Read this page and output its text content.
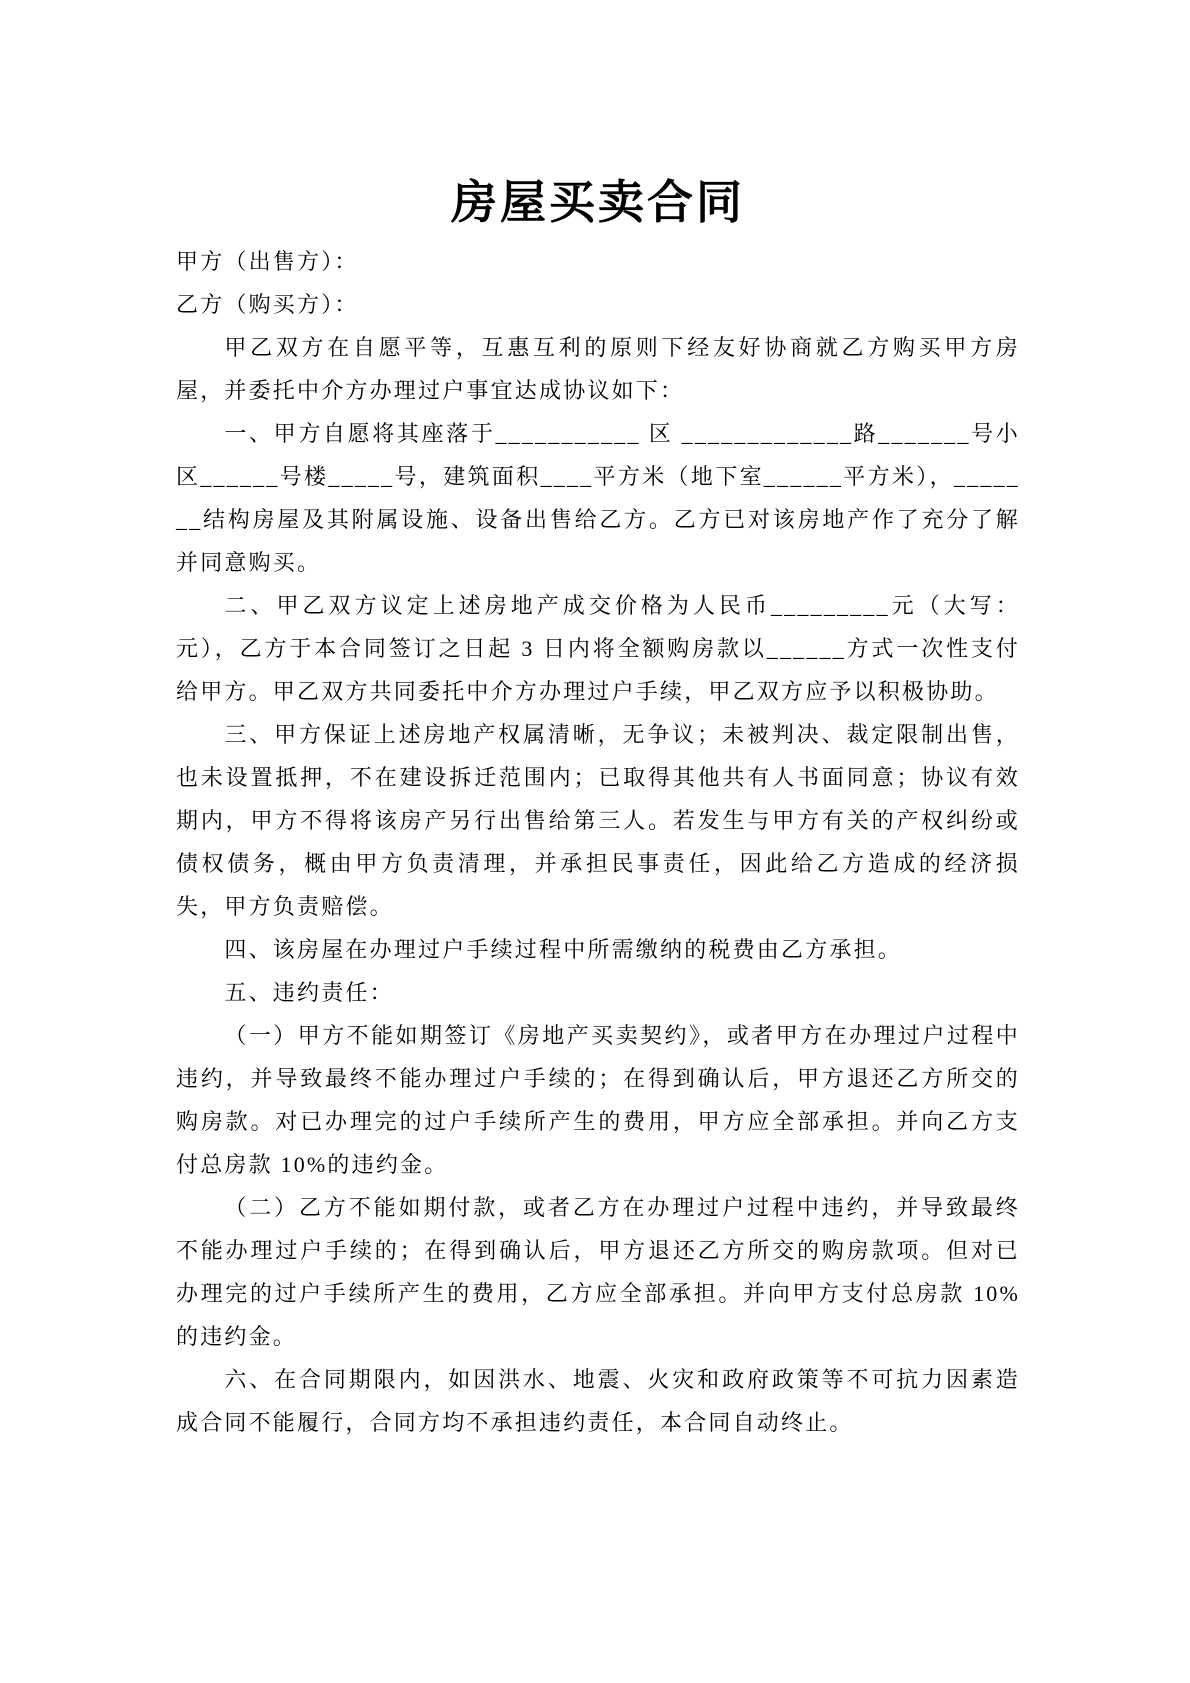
房屋买卖合同

甲方（出售方）：

乙方（购买方）：

甲乙双方在自愿平等，互惠互利的原则下经友好协商就乙方购买甲方房屋，并委托中介方办理过户事宜达成协议如下：

一、甲方自愿将其座落于___________ 区 _____________路_______号小区______号楼_____号，建筑面积____平方米（地下室______平方米），_______结构房屋及其附属设施、设备出售给乙方。乙方已对该房地产作了充分了解并同意购买。

二、甲乙双方议定上述房地产成交价格为人民币_________元（大写：元），乙方于本合同签订之日起 3 日内将全额购房款以______方式一次性支付给甲方。甲乙双方共同委托中介方办理过户手续，甲乙双方应予以积极协助。

三、甲方保证上述房地产权属清晰，无争议；未被判决、裁定限制出售，也未设置抵押，不在建设拆迁范围内；已取得其他共有人书面同意；协议有效期内，甲方不得将该房产另行出售给第三人。若发生与甲方有关的产权纠纷或债权债务，概由甲方负责清理，并承担民事责任，因此给乙方造成的经济损失，甲方负责赔偿。

四、该房屋在办理过户手续过程中所需缴纳的税费由乙方承担。

五、违约责任：

（一）甲方不能如期签订《房地产买卖契约》，或者甲方在办理过户过程中违约，并导致最终不能办理过户手续的；在得到确认后，甲方退还乙方所交的购房款。对已办理完的过户手续所产生的费用，甲方应全部承担。并向乙方支付总房款 10%的违约金。

（二）乙方不能如期付款，或者乙方在办理过户过程中违约，并导致最终不能办理过户手续的；在得到确认后，甲方退还乙方所交的购房款项。但对已办理完的过户手续所产生的费用，乙方应全部承担。并向甲方支付总房款 10%的违约金。

六、在合同期限内，如因洪水、地震、火灾和政府政策等不可抗力因素造成合同不能履行，合同方均不承担违约责任，本合同自动终止。
